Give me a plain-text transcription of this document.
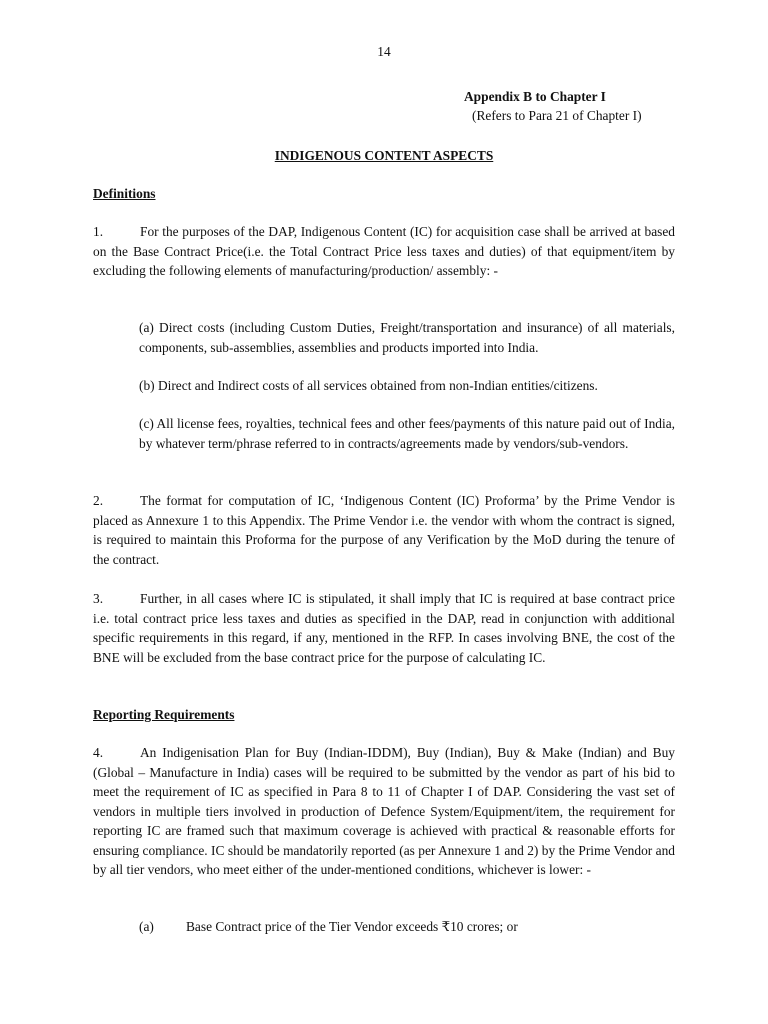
14
Appendix B to Chapter I
(Refers to Para 21 of Chapter I)
INDIGENOUS CONTENT ASPECTS
Definitions
1.	For the purposes of the DAP, Indigenous Content (IC) for acquisition case shall be arrived at based on the Base Contract Price(i.e. the Total Contract Price less taxes and duties) of that equipment/item by excluding the following elements of manufacturing/production/ assembly: -
(a) Direct costs (including Custom Duties, Freight/transportation and insurance) of all materials, components, sub-assemblies, assemblies and products imported into India.
(b) Direct and Indirect costs of all services obtained from non-Indian entities/citizens.
(c) All license fees, royalties, technical fees and other fees/payments of this nature paid out of India, by whatever term/phrase referred to in contracts/agreements made by vendors/sub-vendors.
2.	The format for computation of IC, ‘Indigenous Content (IC) Proforma’ by the Prime Vendor is placed as Annexure 1 to this Appendix. The Prime Vendor i.e. the vendor with whom the contract is signed, is required to maintain this Proforma for the purpose of any Verification by the MoD during the tenure of the contract.
3.	Further, in all cases where IC is stipulated, it shall imply that IC is required at base contract price i.e. total contract price less taxes and duties as specified in the DAP, read in conjunction with additional specific requirements in this regard, if any, mentioned in the RFP. In cases involving BNE, the cost of the BNE will be excluded from the base contract price for the purpose of calculating IC.
Reporting Requirements
4.	An Indigenisation Plan for Buy (Indian-IDDM), Buy (Indian), Buy & Make (Indian) and Buy (Global – Manufacture in India) cases will be required to be submitted by the vendor as part of his bid to meet the requirement of IC as specified in Para 8 to 11 of Chapter I of DAP. Considering the vast set of vendors in multiple tiers involved in production of Defence System/Equipment/item, the requirement for reporting IC are framed such that maximum coverage is achieved with practical & reasonable efforts for ensuring compliance. IC should be mandatorily reported (as per Annexure 1 and 2) by the Prime Vendor and by all tier vendors, who meet either of the under-mentioned conditions, whichever is lower: -
(a) Base Contract price of the Tier Vendor exceeds ₹10 crores; or
